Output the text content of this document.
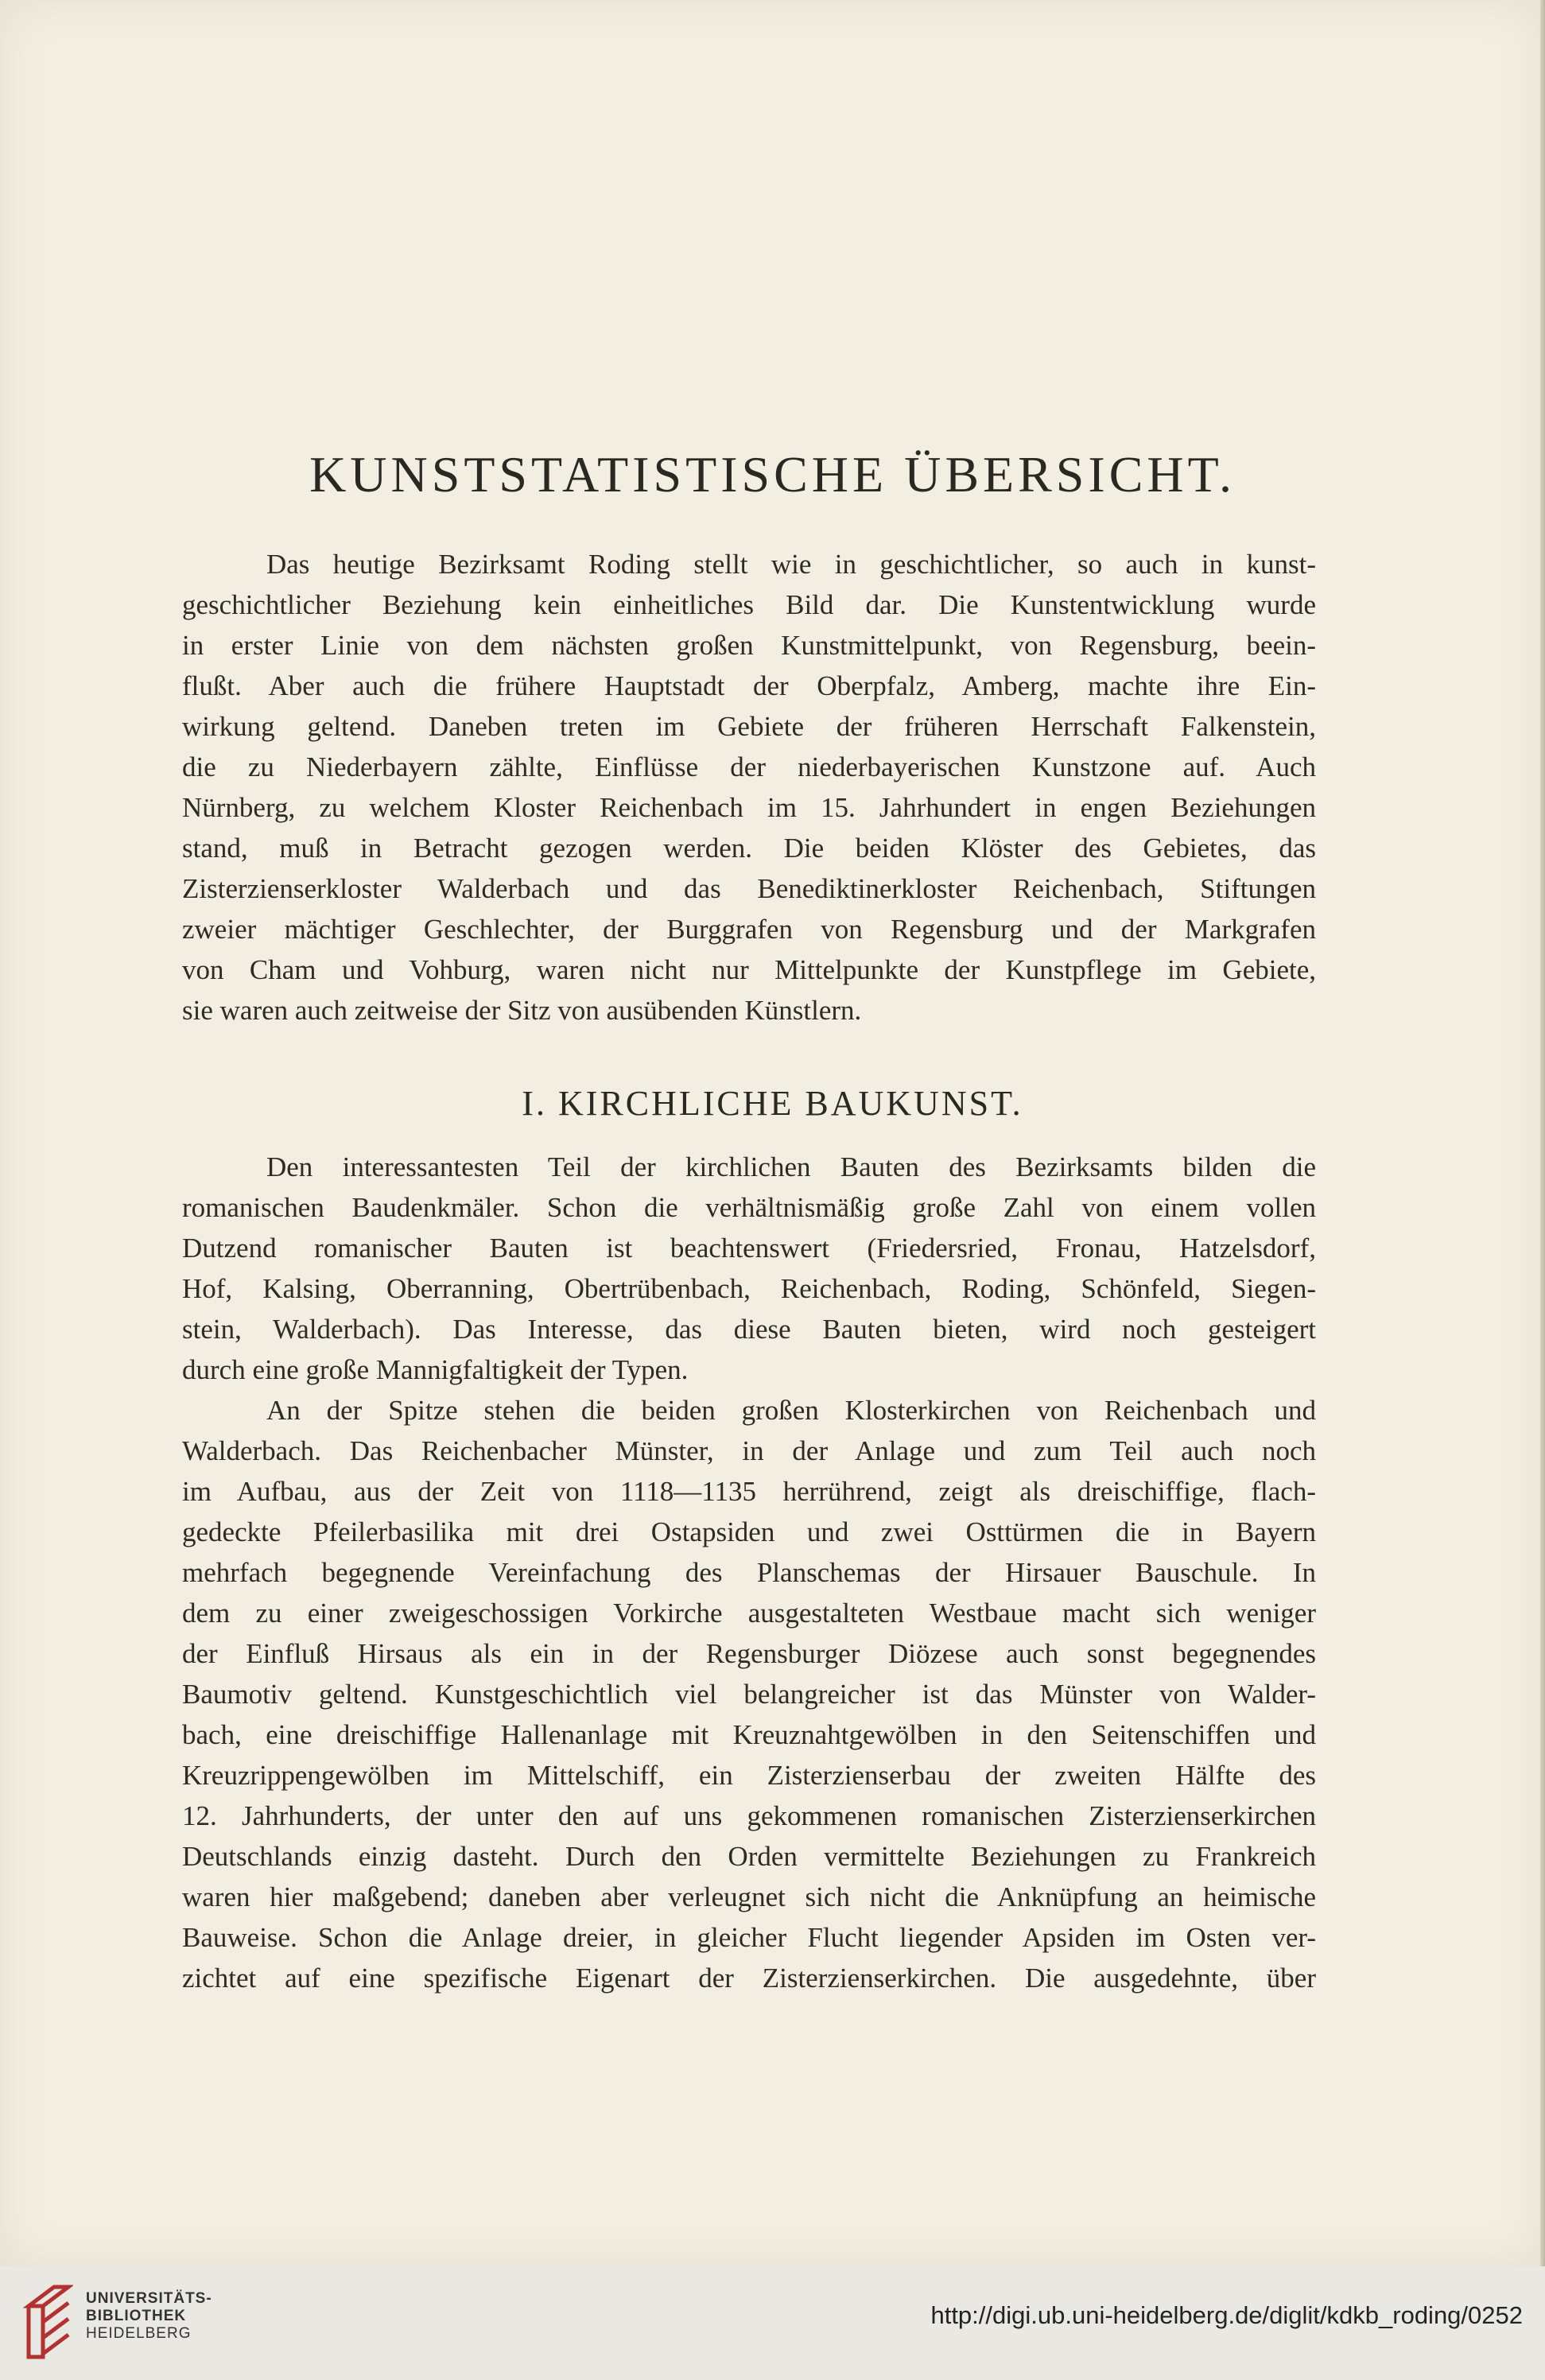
KUNSTSTATISTISCHE ÜBERSICHT.

Das heutige Bezirksamt Roding stellt wie in geschichtlicher, so auch in kunst-

geschichtlicher Beziehung kein einheitliches Bild dar. Die Kunstentwicklung wurde

in erster Linie von dem nächsten großen Kunstmittelpunkt, von Regensburg, beein-

flußt. Aber auch die frühere Hauptstadt der Oberpfalz, Amberg, machte ihre Ein-

wirkung geltend. Daneben treten im Gebiete der früheren Herrschaft Falkenstein,

die zu Niederbayern zählte, Einflüsse der niederbayerischen Kunstzone auf. Auch

Nürnberg, zu welchem Kloster Reichenbach im 15. Jahrhundert in engen Beziehungen

stand, muß in Betracht gezogen werden. Die beiden Klöster des Gebietes, das

Zisterzienserkloster Walderbach und das Benediktinerkloster Reichenbach, Stiftungen

zweier mächtiger Geschlechter, der Burggrafen von Regensburg und der Markgrafen

von Cham und Vohburg, waren nicht nur Mittelpunkte der Kunstpflege im Gebiete,

sie waren auch zeitweise der Sitz von ausübenden Künstlern.

I. KIRCHLICHE BAUKUNST.

Den interessantesten Teil der kirchlichen Bauten des Bezirksamts bilden die

romanischen Baudenkmäler. Schon die verhältnismäßig große Zahl von einem vollen

Dutzend romanischer Bauten ist beachtenswert (Friedersried, Fronau, Hatzelsdorf,

Hof, Kalsing, Oberranning, Obertrübenbach, Reichenbach, Roding, Schönfeld, Siegen-

stein, Walderbach). Das Interesse, das diese Bauten bieten, wird noch gesteigert

durch eine große Mannigfaltigkeit der Typen.

An der Spitze stehen die beiden großen Klosterkirchen von Reichenbach und

Walderbach. Das Reichenbacher Münster, in der Anlage und zum Teil auch noch

im Aufbau, aus der Zeit von 1118—1135 herrührend, zeigt als dreischiffige, flach-

gedeckte Pfeilerbasilika mit drei Ostapsiden und zwei Osttürmen die in Bayern

mehrfach begegnende Vereinfachung des Planschemas der Hirsauer Bauschule. In

dem zu einer zweigeschossigen Vorkirche ausgestalteten Westbaue macht sich weniger

der Einfluß Hirsaus als ein in der Regensburger Diözese auch sonst begegnendes

Baumotiv geltend. Kunstgeschichtlich viel belangreicher ist das Münster von Walder-

bach, eine dreischiffige Hallenanlage mit Kreuznahtgewölben in den Seitenschiffen und

Kreuzrippengewölben im Mittelschiff, ein Zisterzienserbau der zweiten Hälfte des

12. Jahrhunderts, der unter den auf uns gekommenen romanischen Zisterzienserkirchen

Deutschlands einzig dasteht. Durch den Orden vermittelte Beziehungen zu Frankreich

waren hier maßgebend; daneben aber verleugnet sich nicht die Anknüpfung an heimische

Bauweise. Schon die Anlage dreier, in gleicher Flucht liegender Apsiden im Osten ver-

zichtet auf eine spezifische Eigenart der Zisterzienserkirchen. Die ausgedehnte, über

UNIVERSITÄTS-
BIBLIOTHEK
HEIDELBERG
http://digi.ub.uni-heidelberg.de/diglit/kdkb_roding/0252
